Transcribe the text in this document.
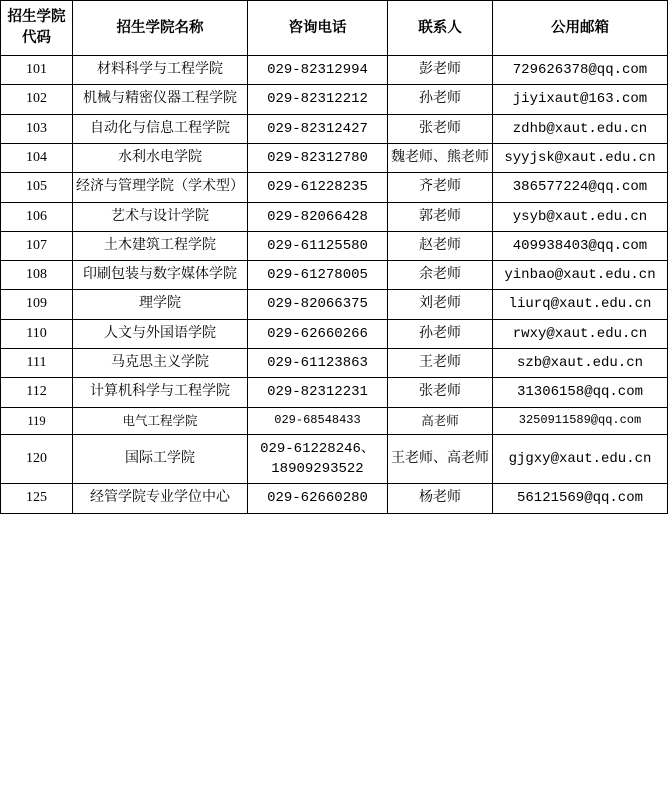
招生学院代码	招生学院名称	咨询电话	联系人	公用邮箱
101	材料科学与工程学院	029-82312994	彭老师	729626378@qq.com
102	机械与精密仪器工程学院	029-82312212	孙老师	jiyixaut@163.com
103	自动化与信息工程学院	029-82312427	张老师	zdhb@xaut.edu.cn
104	水利水电学院	029-82312780	魏老师、熊老师	syyjsk@xaut.edu.cn
105	经济与管理学院（学术型）	029-61228235	齐老师	386577224@qq.com
106	艺术与设计学院	029-82066428	郭老师	ysyb@xaut.edu.cn
107	土木建筑工程学院	029-61125580	赵老师	409938403@qq.com
108	印刷包装与数字媒体学院	029-61278005	余老师	yinbao@xaut.edu.cn
109	理学院	029-82066375	刘老师	liurq@xaut.edu.cn
110	人文与外国语学院	029-62660266	孙老师	rwxy@xaut.edu.cn
111	马克思主义学院	029-61123863	王老师	szb@xaut.edu.cn
112	计算机科学与工程学院	029-82312231	张老师	31306158@qq.com
119	电气工程学院	029-68548433	高老师	3250911589@qq.com
120	国际工学院	029-61228246、18909293522	王老师、高老师	gjgxy@xaut.edu.cn
125	经管学院专业学位中心	029-62660280	杨老师	56121569@qq.com
